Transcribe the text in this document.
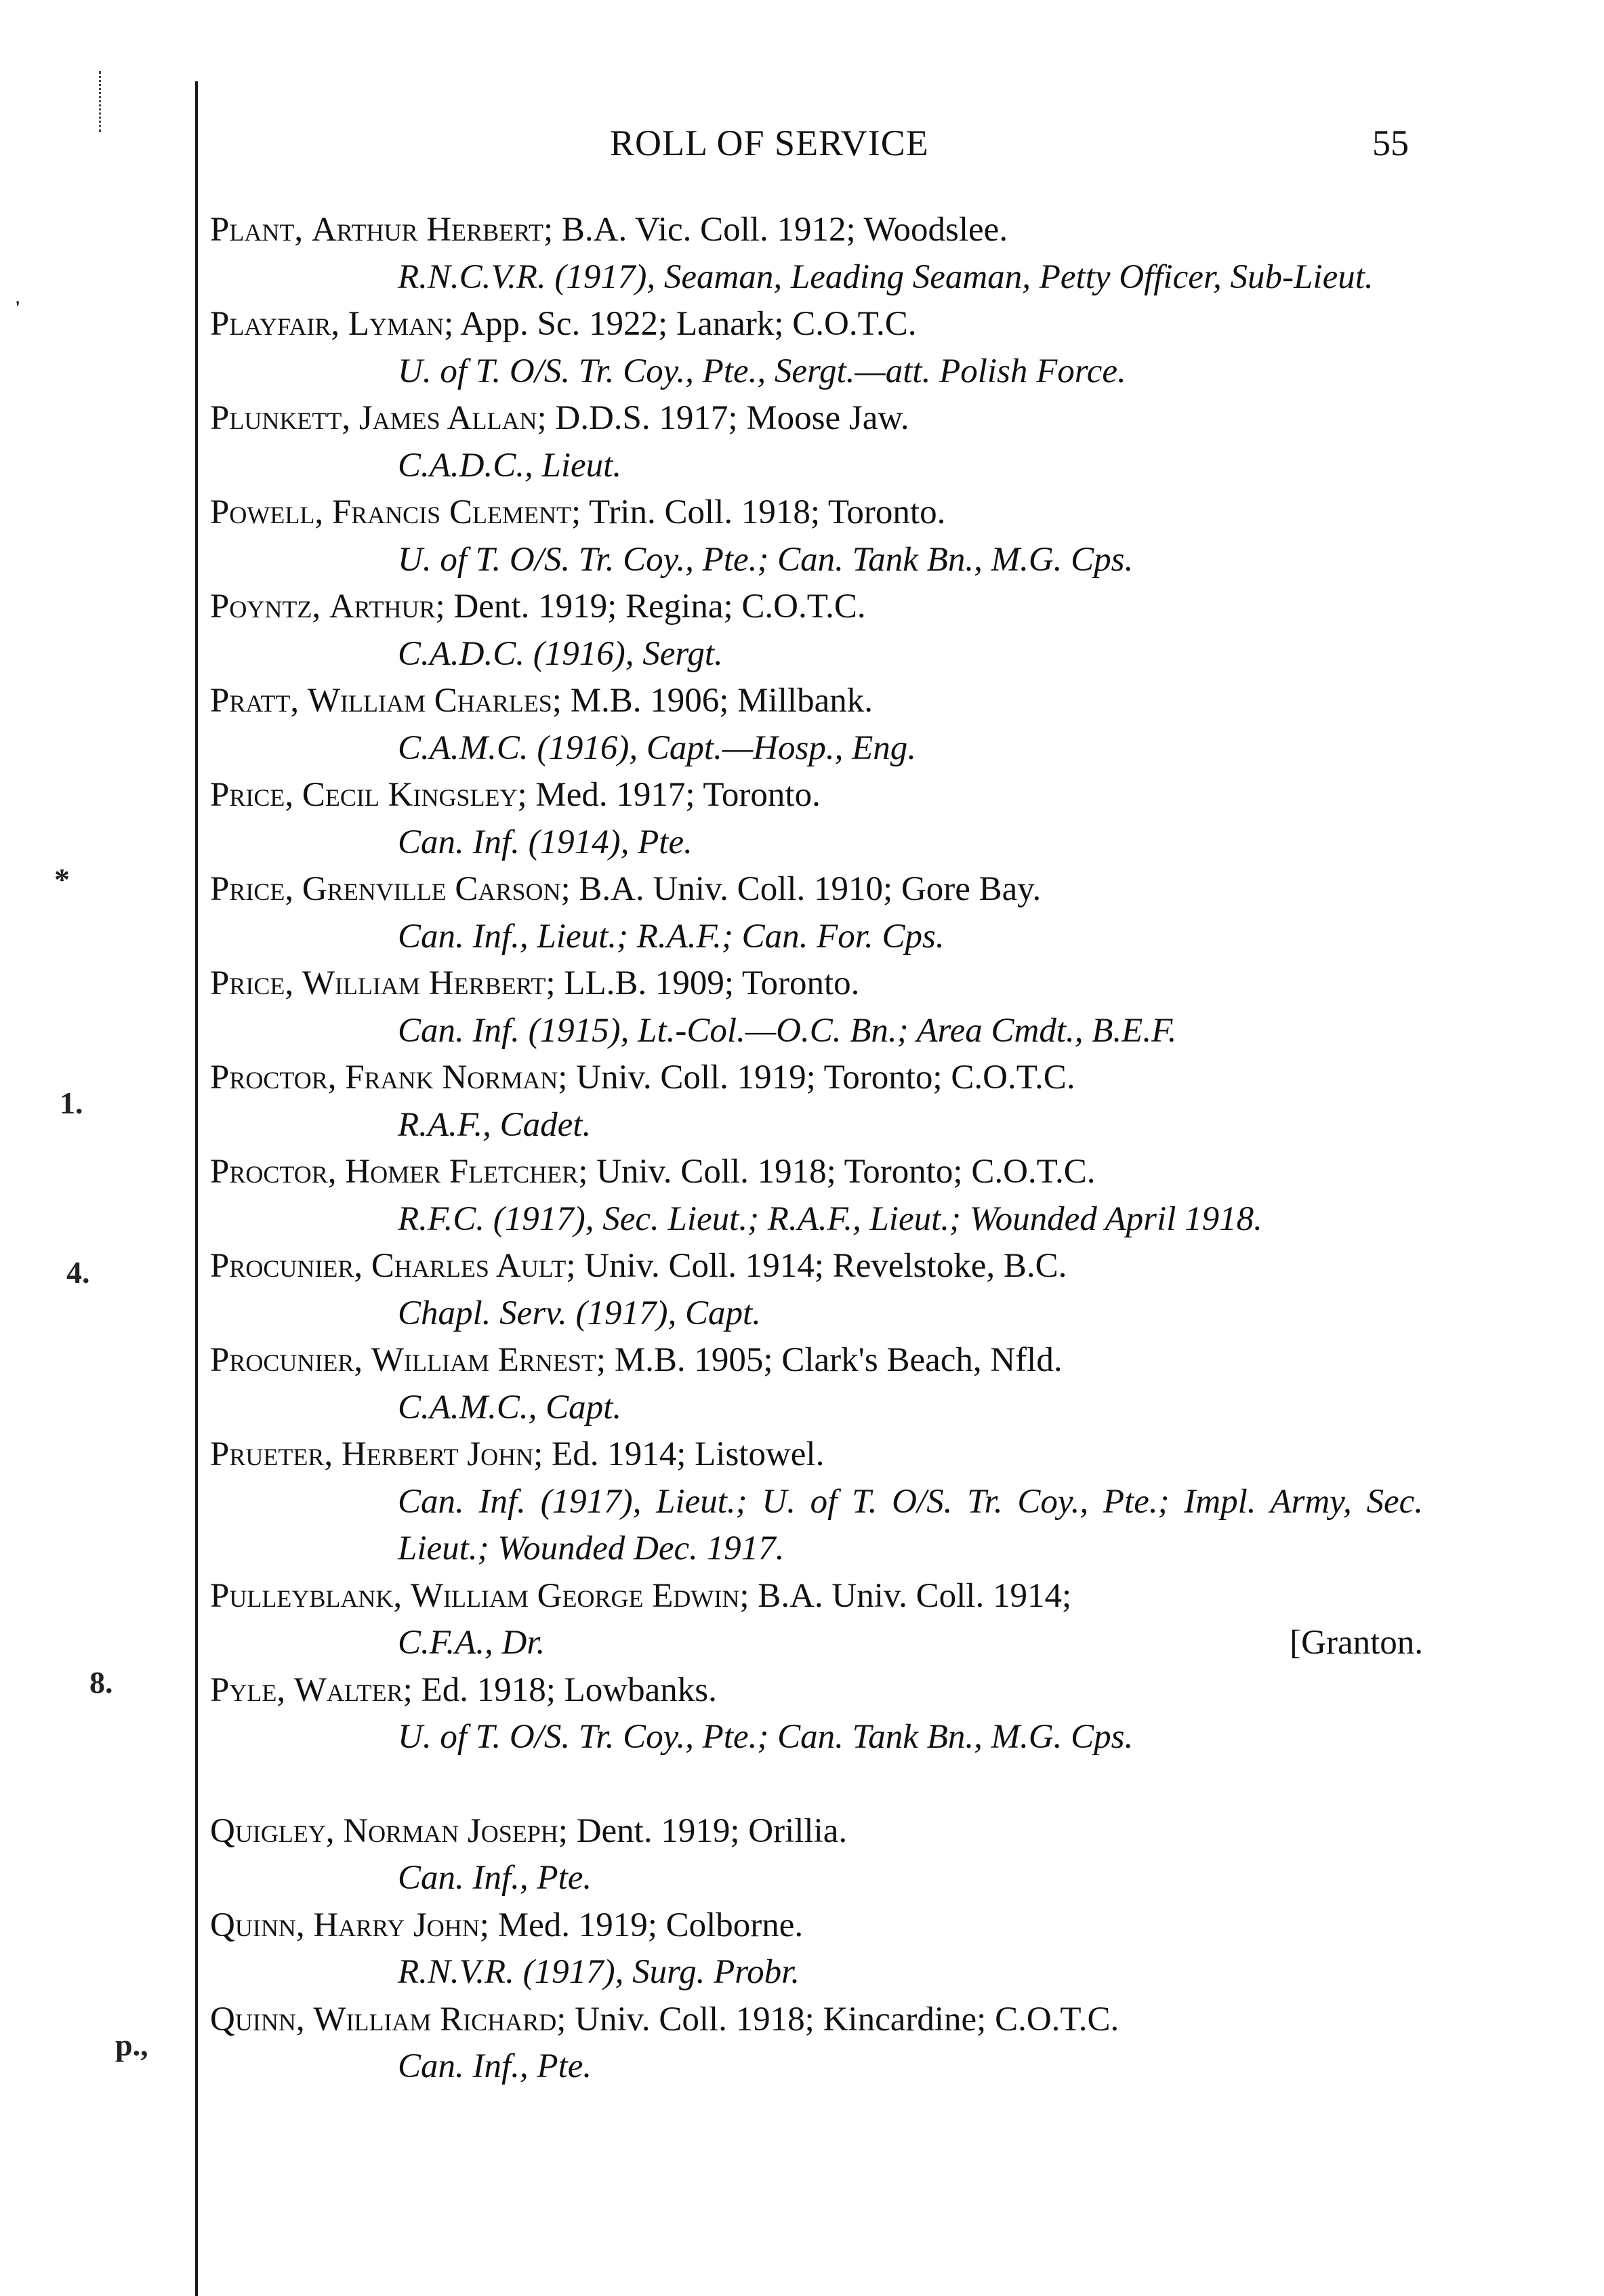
'
*
1.
4.
8.
p.,
ROLL OF SERVICE	55
Plant, Arthur Herbert; B.A. Vic. Coll. 1912; Woodslee.
R.N.C.V.R. (1917), Seaman, Leading Seaman, Petty Officer, Sub-Lieut.
Playfair, Lyman; App. Sc. 1922; Lanark; C.O.T.C.
U. of T. O/S. Tr. Coy., Pte., Sergt.—att. Polish Force.
Plunkett, James Allan; D.D.S. 1917; Moose Jaw.
C.A.D.C., Lieut.
Powell, Francis Clement; Trin. Coll. 1918; Toronto.
U. of T. O/S. Tr. Coy., Pte.; Can. Tank Bn., M.G. Cps.
Poyntz, Arthur; Dent. 1919; Regina; C.O.T.C.
C.A.D.C. (1916), Sergt.
Pratt, William Charles; M.B. 1906; Millbank.
C.A.M.C. (1916), Capt.—Hosp., Eng.
Price, Cecil Kingsley; Med. 1917; Toronto.
Can. Inf. (1914), Pte.
Price, Grenville Carson; B.A. Univ. Coll. 1910; Gore Bay.
Can. Inf., Lieut.; R.A.F.; Can. For. Cps.
Price, William Herbert; LL.B. 1909; Toronto.
Can. Inf. (1915), Lt.-Col.—O.C. Bn.; Area Cmdt., B.E.F.
Proctor, Frank Norman; Univ. Coll. 1919; Toronto; C.O.T.C.
R.A.F., Cadet.
Proctor, Homer Fletcher; Univ. Coll. 1918; Toronto; C.O.T.C.
R.F.C. (1917), Sec. Lieut.; R.A.F., Lieut.; Wounded April 1918.
Procunier, Charles Ault; Univ. Coll. 1914; Revelstoke, B.C.
Chapl. Serv. (1917), Capt.
Procunier, William Ernest; M.B. 1905; Clark's Beach, Nfld.
C.A.M.C., Capt.
Prueter, Herbert John; Ed. 1914; Listowel.
Can. Inf. (1917), Lieut.; U. of T. O/S. Tr. Coy., Pte.; Impl. Army, Sec. Lieut.; Wounded Dec. 1917.
Pulleyblank, William George Edwin; B.A. Univ. Coll. 1914;
C.F.A., Dr.	[Granton.
Pyle, Walter; Ed. 1918; Lowbanks.
U. of T. O/S. Tr. Coy., Pte.; Can. Tank Bn., M.G. Cps.
Quigley, Norman Joseph; Dent. 1919; Orillia.
Can. Inf., Pte.
Quinn, Harry John; Med. 1919; Colborne.
R.N.V.R. (1917), Surg. Probr.
Quinn, William Richard; Univ. Coll. 1918; Kincardine; C.O.T.C.
Can. Inf., Pte.
